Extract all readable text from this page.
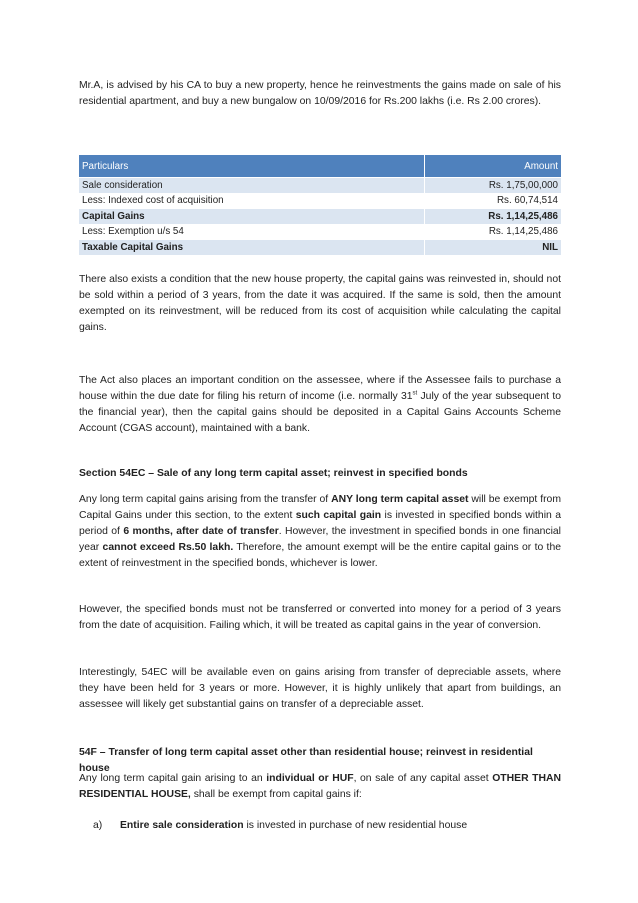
Mr.A, is advised by his CA to buy a new property, hence he reinvestments the gains made on sale of his residential apartment, and buy a new bungalow on 10/09/2016 for Rs.200 lakhs (i.e. Rs 2.00 crores).

Particulars	Amount
Sale consideration	Rs. 1,75,00,000
Less: Indexed cost of acquisition	Rs. 60,74,514
Capital Gains	Rs. 1,14,25,486
Less: Exemption u/s 54	Rs. 1,14,25,486
Taxable Capital Gains	NIL

There also exists a condition that the new house property, the capital gains was reinvested in, should not be sold within a period of 3 years, from the date it was acquired. If the same is sold, then the amount exempted on its reinvestment, will be reduced from its cost of acquisition while calculating the capital gains.

The Act also places an important condition on the assessee, where if the Assessee fails to purchase a house within the due date for filing his return of income (i.e. normally 31st July of the year subsequent to the financial year), then the capital gains should be deposited in a Capital Gains Accounts Scheme Account (CGAS account), maintained with a bank.

Section 54EC – Sale of any long term capital asset; reinvest in specified bonds

Any long term capital gains arising from the transfer of ANY long term capital asset will be exempt from Capital Gains under this section, to the extent such capital gain is invested in specified bonds within a period of 6 months, after date of transfer. However, the investment in specified bonds in one financial year cannot exceed Rs.50 lakh. Therefore, the amount exempt will be the entire capital gains or to the extent of reinvestment in the specified bonds, whichever is lower.

However, the specified bonds must not be transferred or converted into money for a period of 3 years from the date of acquisition. Failing which, it will be treated as capital gains in the year of conversion.

Interestingly, 54EC will be available even on gains arising from transfer of depreciable assets, where they have been held for 3 years or more. However, it is highly unlikely that apart from buildings, an assessee will likely get substantial gains on transfer of a depreciable asset.

54F – Transfer of long term capital asset other than residential house; reinvest in residential house

Any long term capital gain arising to an individual or HUF, on sale of any capital asset OTHER THAN RESIDENTIAL HOUSE, shall be exempt from capital gains if:

a) Entire sale consideration is invested in purchase of new residential house
